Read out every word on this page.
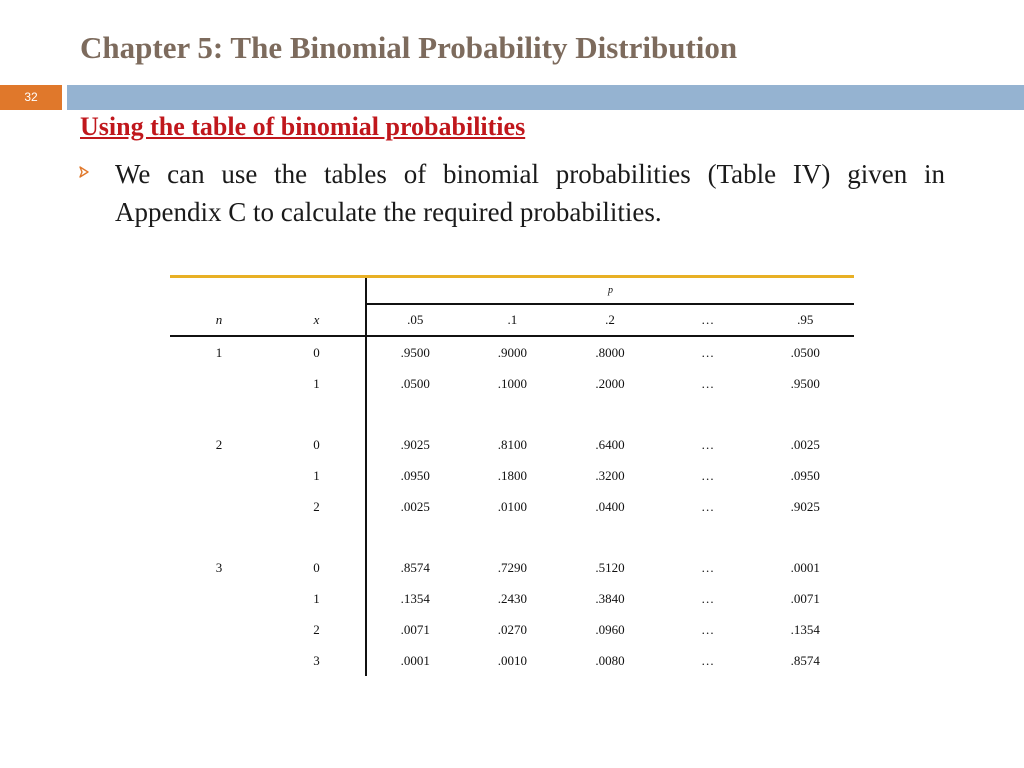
Chapter 5: The Binomial Probability Distribution
32
Using the table of binomial probabilities
We can use the tables of binomial probabilities (Table IV) given in Appendix C to calculate the required probabilities.
		p				
n	x	.05	.1	.2	…	.95
1	0	.9500	.9000	.8000	…	.0500
	1	.0500	.1000	.2000	…	.9500

2	0	.9025	.8100	.6400	…	.0025
	1	.0950	.1800	.3200	…	.0950
	2	.0025	.0100	.0400	…	.9025

3	0	.8574	.7290	.5120	…	.0001
	1	.1354	.2430	.3840	…	.0071
	2	.0071	.0270	.0960	…	.1354
	3	.0001	.0010	.0080	…	.8574
